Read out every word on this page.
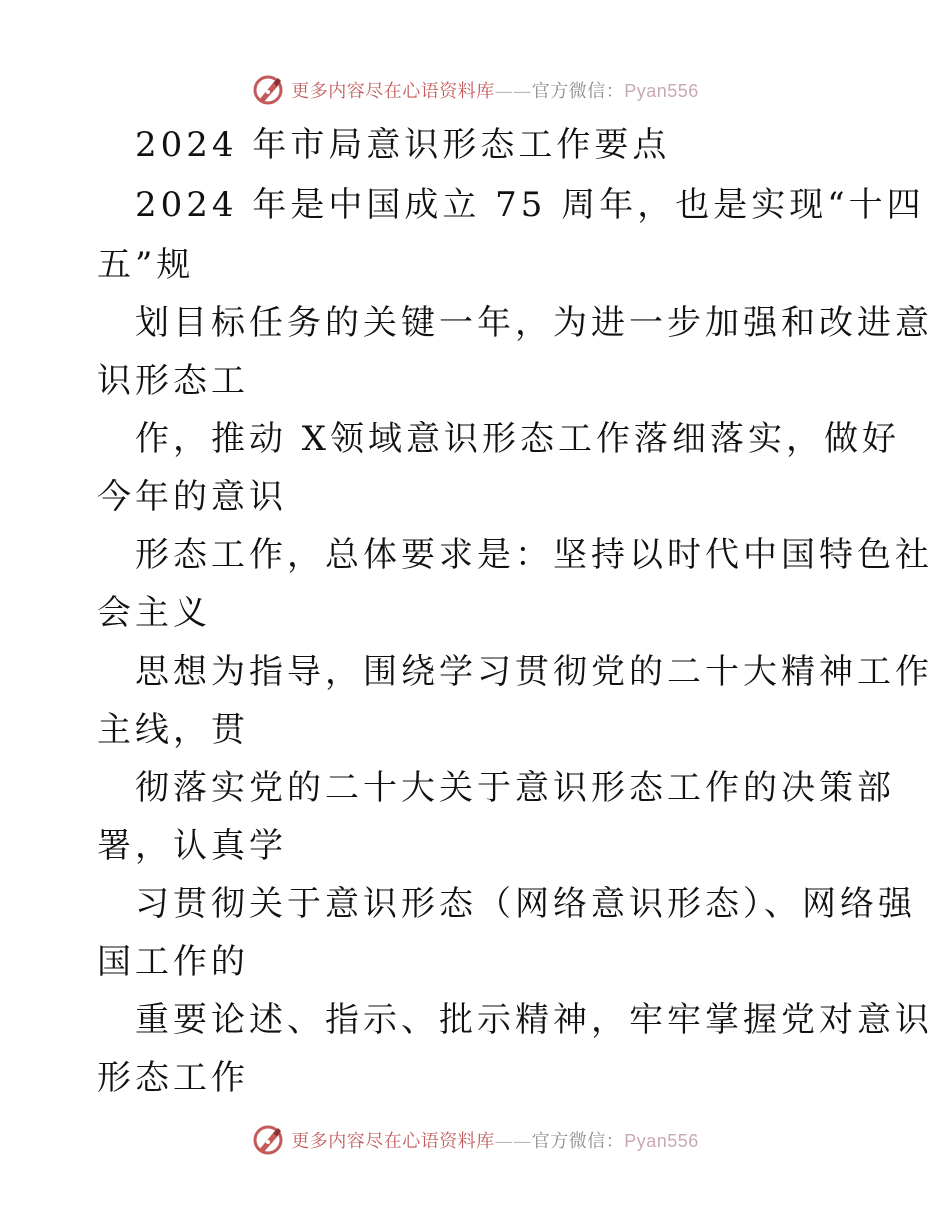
更多内容尽在心语资料库——官方微信：Pyan556
2024 年市局意识形态工作要点
2024 年是中国成立 75 周年，也是实现“十四
五”规
划目标任务的关键一年，为进一步加强和改进意
识形态工
作，推动 X领域意识形态工作落细落实，做好
今年的意识
形态工作，总体要求是：坚持以时代中国特色社
会主义
思想为指导，围绕学习贯彻党的二十大精神工作
主线，贯
彻落实党的二十大关于意识形态工作的决策部
署，认真学
习贯彻关于意识形态（网络意识形态）、网络强
国工作的
重要论述、指示、批示精神，牢牢掌握党对意识
形态工作
更多内容尽在心语资料库——官方微信：Pyan556
